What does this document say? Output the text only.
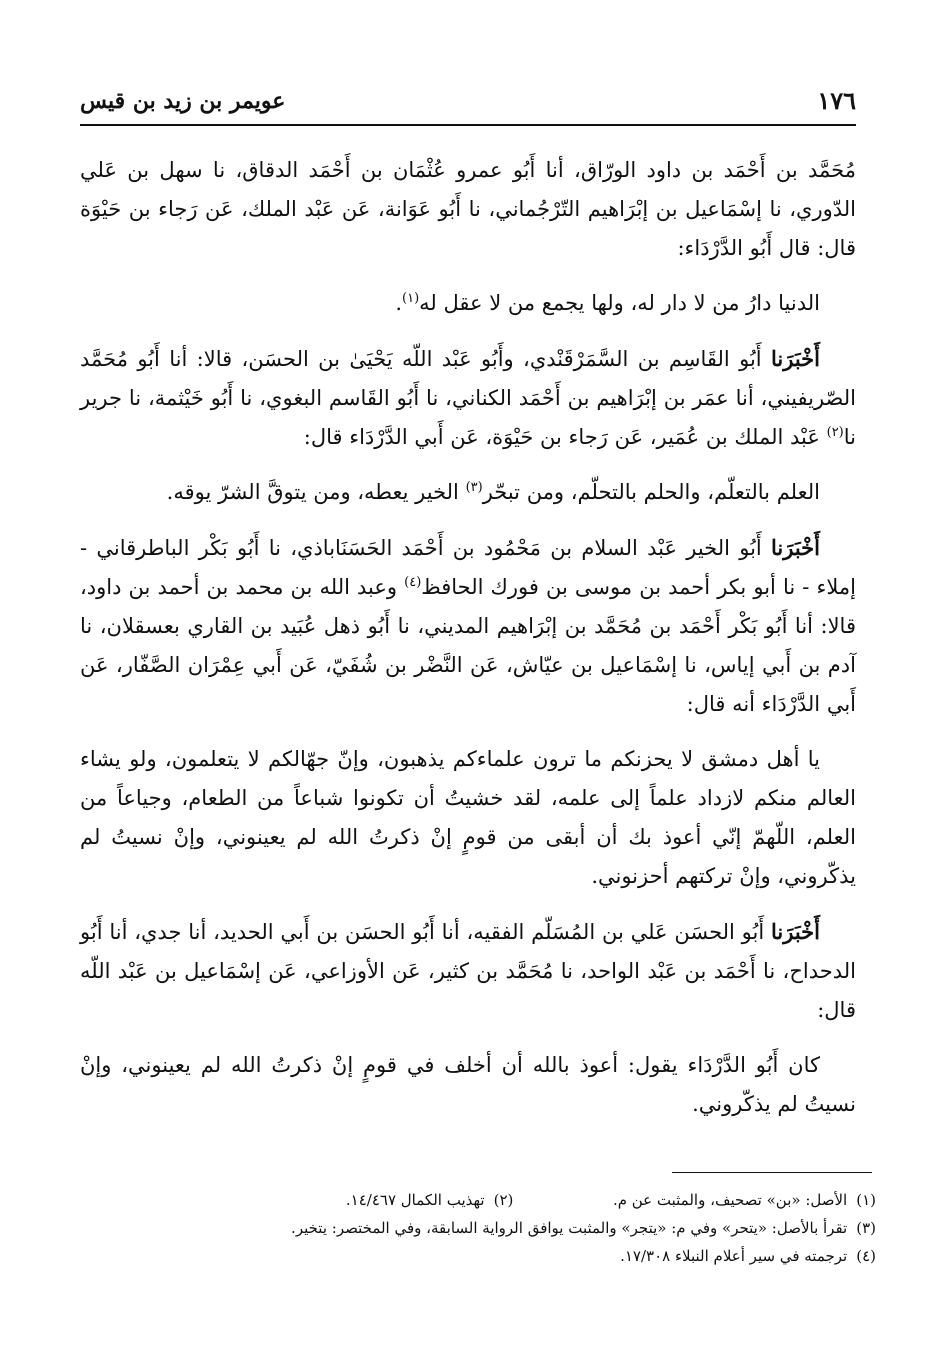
١٧٦
عويمر بن زيد بن قيس

مُحَمَّد بن أَحْمَد بن داود الورّاق، أنا أَبُو عمرو عُثْمَان بن أَحْمَد الدقاق، نا سهل بن عَلي الدّوري، نا إسْمَاعيل بن إبْرَاهيم التّرْجُماني، نا أَبُو عَوَانة، عَن عَبْد الملك، عَن رَجاء بن حَيْوَة قال: قال أَبُو الدَّرْدَاء:

الدنيا دارُ من لا دار له، ولها يجمع من لا عقل له$^{(١)}$.

أَخْبَرَنا أَبُو القَاسِم بن السَّمَرْقَنْدي، وأَبُو عَبْد اللّه يَحْيَىٰ بن الحسَن، قالا: أنا أَبُو مُحَمَّد الصّريفيني، أنا عمَر بن إبْرَاهيم بن أَحْمَد الكناني، نا أَبُو القَاسم البغوي، نا أَبُو خَيْثمة، نا جرير نا$^{(٢)}$ عَبْد الملك بن عُمَير، عَن رَجاء بن حَيْوَة، عَن أَبي الدَّرْدَاء قال:

العلم بالتعلّم، والحلم بالتحلّم، ومن تبحّر$^{(٣)}$ الخير يعطه، ومن يتوقَّ الشرّ يوقه.

أَخْبَرَنا أَبُو الخير عَبْد السلام بن مَحْمُود بن أَحْمَد الحَسَنَاباذي، نا أَبُو بَكْر الباطرقاني - إملاء - نا أبو بكر أحمد بن موسى بن فورك الحافظ$^{(٤)}$ وعبد الله بن محمد بن أحمد بن داود، قالا: أنا أَبُو بَكْر أَحْمَد بن مُحَمَّد بن إبْرَاهيم المديني، نا أَبُو ذهل عُبَيد بن القاري بعسقلان، نا آدم بن أَبي إياس، نا إسْمَاعيل بن عيّاش، عَن النَّضْر بن شُفَيّ، عَن أَبي عِمْرَان الصَّفّار، عَن أَبي الدَّرْدَاء أنه قال:

يا أهل دمشق لا يحزنكم ما ترون علماءكم يذهبون، وإنّ جهّالكم لا يتعلمون، ولو يشاء العالم منكم لازداد علماً إلى علمه، لقد خشيتُ أن تكونوا شباعاً من الطعام، وجياعاً من العلم، اللّهمّ إنّي أعوذ بك أن أبقى من قومٍ إنْ ذكرتُ الله لم يعينوني، وإنْ نسيتُ لم يذكّروني، وإنْ تركتهم أحزنوني.

أَخْبَرَنا أَبُو الحسَن عَلي بن المُسَلّم الفقيه، أنا أَبُو الحسَن بن أَبي الحديد، أنا جدي، أنا أَبُو الدحداح، نا أَحْمَد بن عَبْد الواحد، نا مُحَمَّد بن كثير، عَن الأوزاعي، عَن إسْمَاعيل بن عَبْد اللّه قال:

كان أَبُو الدَّرْدَاء يقول: أعوذ بالله أن أخلف في قومٍ إنْ ذكرتُ الله لم يعينوني، وإنْ نسيتُ لم يذكّروني.

(١) الأصل: «بن» تصحيف، والمثبت عن م.  (٢) تهذيب الكمال ١٤/٤٦٧.
(٣) تقرأ بالأصل: «يتحر» وفي م: «يتجر» والمثبت يوافق الرواية السابقة، وفي المختصر: يتخير.
(٤) ترجمته في سير أعلام النبلاء ١٧/٣٠٨.
